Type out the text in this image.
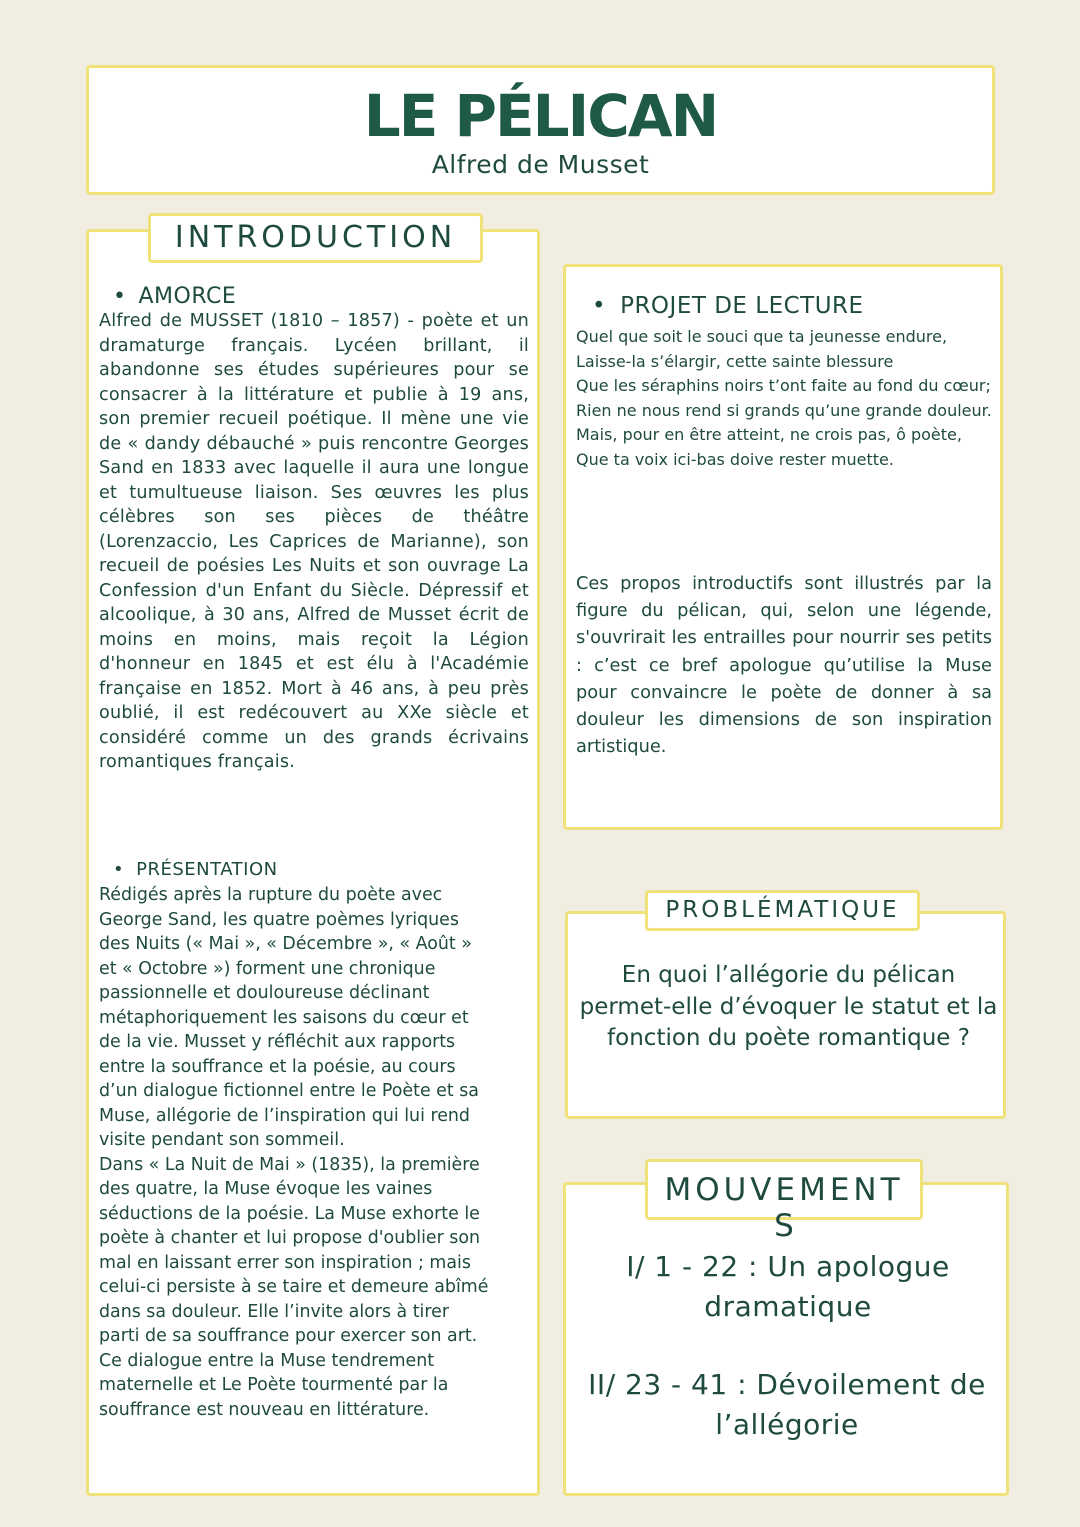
LE PÉLICAN
Alfred de Musset
• AMORCE

Alfred de MUSSET (1810 – 1857) - poète et un dramaturge français. Lycéen brillant, il abandonne ses études supérieures pour se consacrer à la littérature et publie à 19 ans, son premier recueil poétique. Il mène une vie de « dandy débauché » puis rencontre Georges Sand en 1833 avec laquelle il aura une longue et tumultueuse liaison. Ses œuvres les plus célèbres son ses pièces de théâtre (Lorenzaccio, Les Caprices de Marianne), son recueil de poésies Les Nuits et son ouvrage La Confession d'un Enfant du Siècle. Dépressif et alcoolique, à 30 ans, Alfred de Musset écrit de moins en moins, mais reçoit la Légion d'honneur en 1845 et est élu à l'Académie française en 1852. Mort à 46 ans, à peu près oublié, il est redécouvert au XXe siècle et considéré comme un des grands écrivains romantiques français.

• PRÉSENTATION
Rédigés après la rupture du poète avec
George Sand, les quatre poèmes lyriques
des Nuits (« Mai », « Décembre », « Août »
et « Octobre ») forment une chronique
passionnelle et douloureuse déclinant
métaphoriquement les saisons du cœur et
de la vie. Musset y réfléchit aux rapports
entre la souffrance et la poésie, au cours
d’un dialogue fictionnel entre le Poète et sa
Muse, allégorie de l’inspiration qui lui rend
visite pendant son sommeil.
Dans « La Nuit de Mai » (1835), la première
des quatre, la Muse évoque les vaines
séductions de la poésie. La Muse exhorte le
poète à chanter et lui propose d'oublier son
mal en laissant errer son inspiration ; mais
celui-ci persiste à se taire et demeure abîmé
dans sa douleur. Elle l’invite alors à tirer
parti de sa souffrance pour exercer son art.
Ce dialogue entre la Muse tendrement
maternelle et Le Poète tourmenté par la
souffrance est nouveau en littérature.
INTRODUCTION
• PROJET DE LECTURE
Quel que soit le souci que ta jeunesse endure,
Laisse-la s’élargir, cette sainte blessure
Que les séraphins noirs t’ont faite au fond du cœur;
Rien ne nous rend si grands qu’une grande douleur.
Mais, pour en être atteint, ne crois pas, ô poète,
Que ta voix ici-bas doive rester muette.

Ces propos introductifs sont illustrés par la figure du pélican, qui, selon une légende, s'ouvrirait les entrailles pour nourrir ses petits : c’est ce bref apologue qu’utilise la Muse pour convaincre le poète de donner à sa douleur les dimensions de son inspiration artistique.

En quoi l’allégorie du pélican permet-elle d’évoquer le statut et la fonction du poète romantique ?

PROBLÉMATIQUE
I/ 1 - 22 : Un apologue dramatique
II/ 23 - 41 : Dévoilement de l’allégorie
MOUVEMENT
S
